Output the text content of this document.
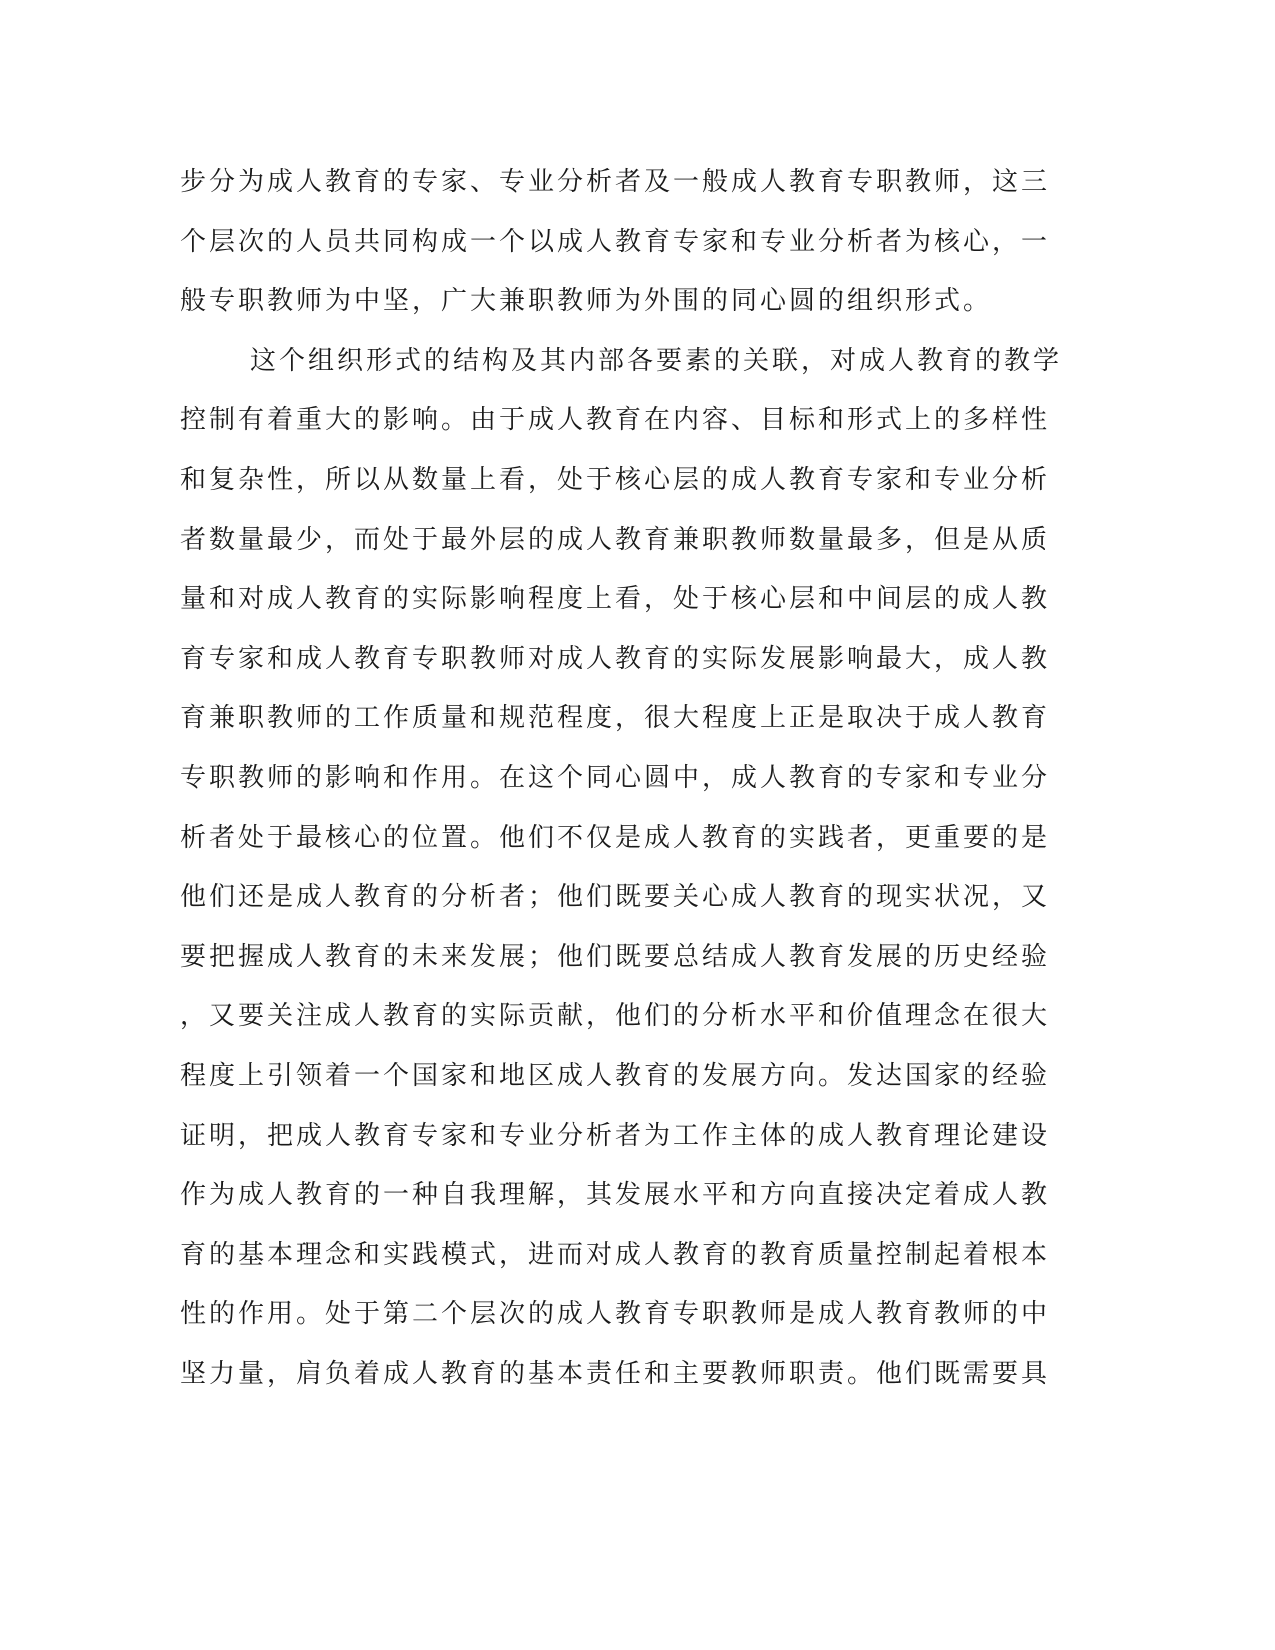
步分为成人教育的专家、专业分析者及一般成人教育专职教师，这三
个层次的人员共同构成一个以成人教育专家和专业分析者为核心，一
般专职教师为中坚，广大兼职教师为外围的同心圆的组织形式。
这个组织形式的结构及其内部各要素的关联，对成人教育的教学
控制有着重大的影响。由于成人教育在内容、目标和形式上的多样性
和复杂性，所以从数量上看，处于核心层的成人教育专家和专业分析
者数量最少，而处于最外层的成人教育兼职教师数量最多，但是从质
量和对成人教育的实际影响程度上看，处于核心层和中间层的成人教
育专家和成人教育专职教师对成人教育的实际发展影响最大，成人教
育兼职教师的工作质量和规范程度，很大程度上正是取决于成人教育
专职教师的影响和作用。在这个同心圆中，成人教育的专家和专业分
析者处于最核心的位置。他们不仅是成人教育的实践者，更重要的是
他们还是成人教育的分析者；他们既要关心成人教育的现实状况，又
要把握成人教育的未来发展；他们既要总结成人教育发展的历史经验
，又要关注成人教育的实际贡献，他们的分析水平和价值理念在很大
程度上引领着一个国家和地区成人教育的发展方向。发达国家的经验
证明，把成人教育专家和专业分析者为工作主体的成人教育理论建设
作为成人教育的一种自我理解，其发展水平和方向直接决定着成人教
育的基本理念和实践模式，进而对成人教育的教育质量控制起着根本
性的作用。处于第二个层次的成人教育专职教师是成人教育教师的中
坚力量，肩负着成人教育的基本责任和主要教师职责。他们既需要具
